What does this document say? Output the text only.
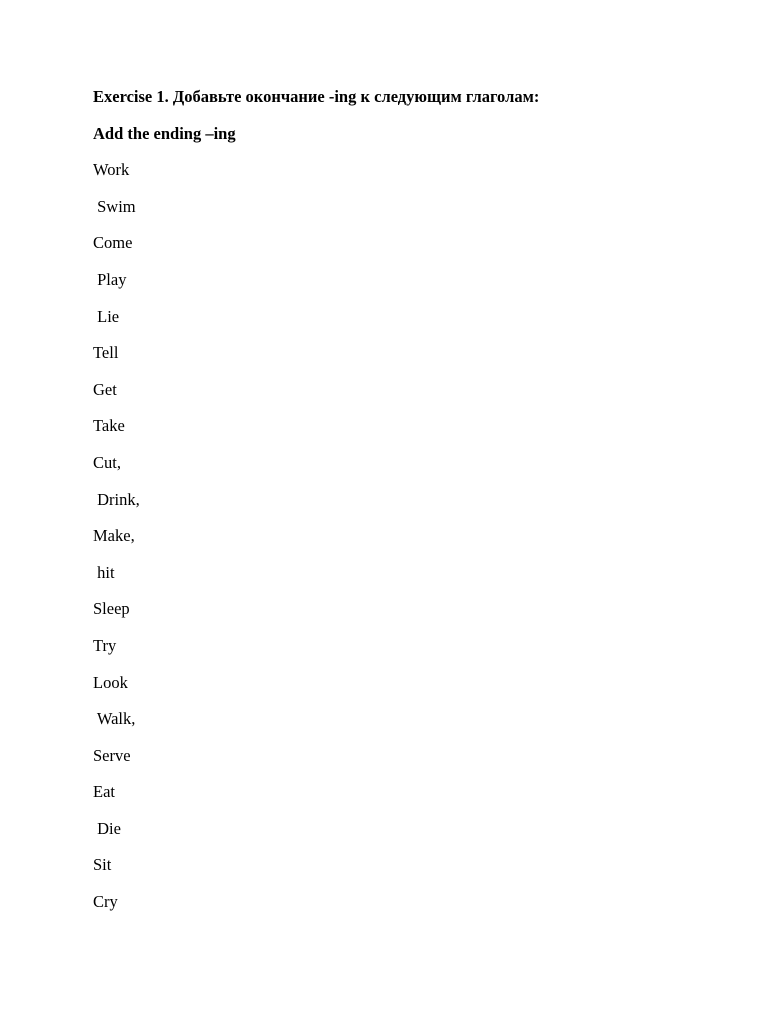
Exercise 1. Добавьте окончание -ing к следующим глаголам:
Add the ending –ing
Work
Swim
Come
Play
Lie
Tell
Get
Take
Cut,
Drink,
Make,
hit
Sleep
Try
Look
Walk,
Serve
Eat
Die
Sit
Cry
